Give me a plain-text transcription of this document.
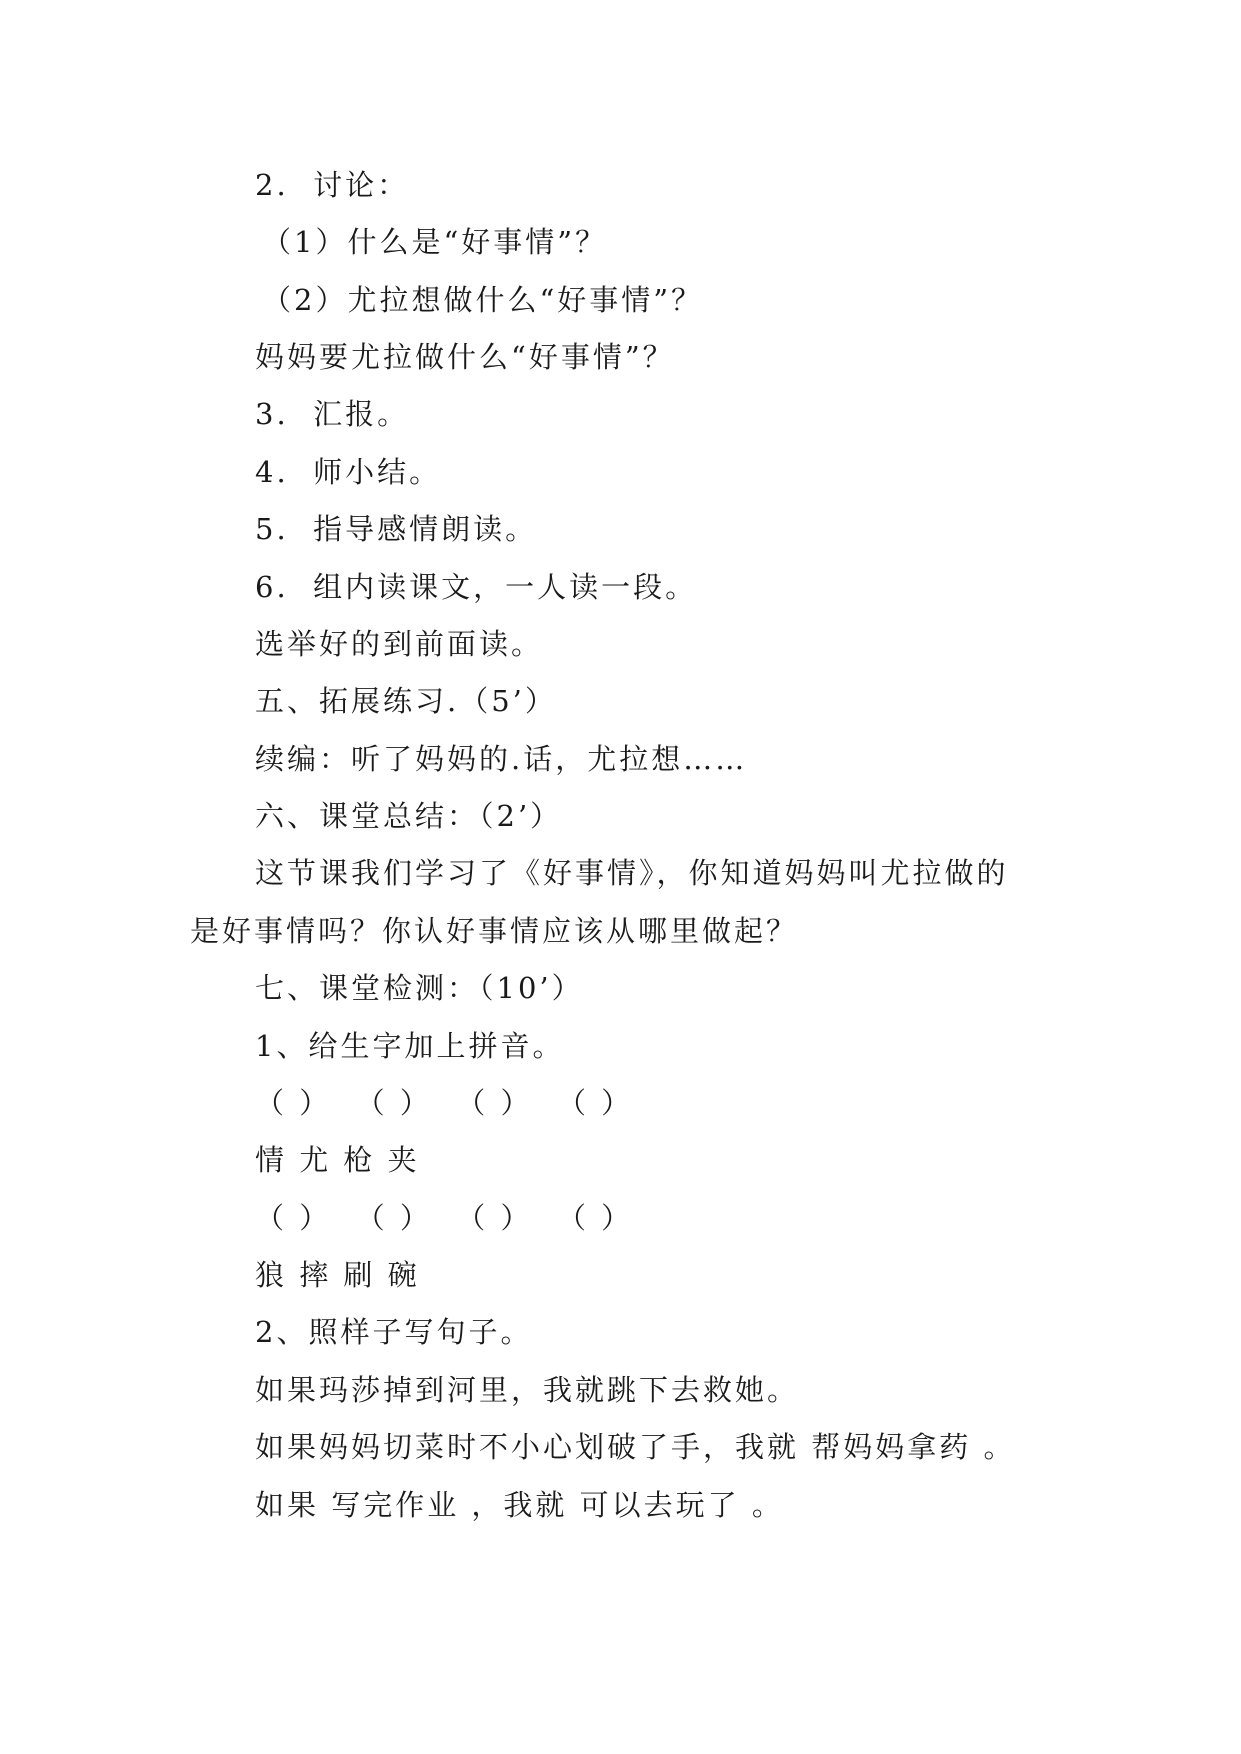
2.  讨论：
（1）什么是“好事情”？
（2）尤拉想做什么“好事情”？
妈妈要尤拉做什么“好事情”？
3.  汇报。
4.  师小结。
5.  指导感情朗读。
6.  组内读课文，一人读一段。
选举好的到前面读。
五、拓展练习.（5’）
续编：听了妈妈的.话，尤拉想……
六、课堂总结：（2’）
这节课我们学习了《好事情》，你知道妈妈叫尤拉做的
是好事情吗？你认好事情应该从哪里做起？
七、课堂检测：（10’）
1、给生字加上拼音。
（ ）  （ ）  （ ）  （ ）
情 尤 枪 夹
（ ）  （ ）  （ ）  （ ）
狼 摔 刷 碗
2、照样子写句子。
如果玛莎掉到河里，我就跳下去救她。
如果妈妈切菜时不小心划破了手，我就 帮妈妈拿药 。
如果 写完作业 ，我就 可以去玩了 。
